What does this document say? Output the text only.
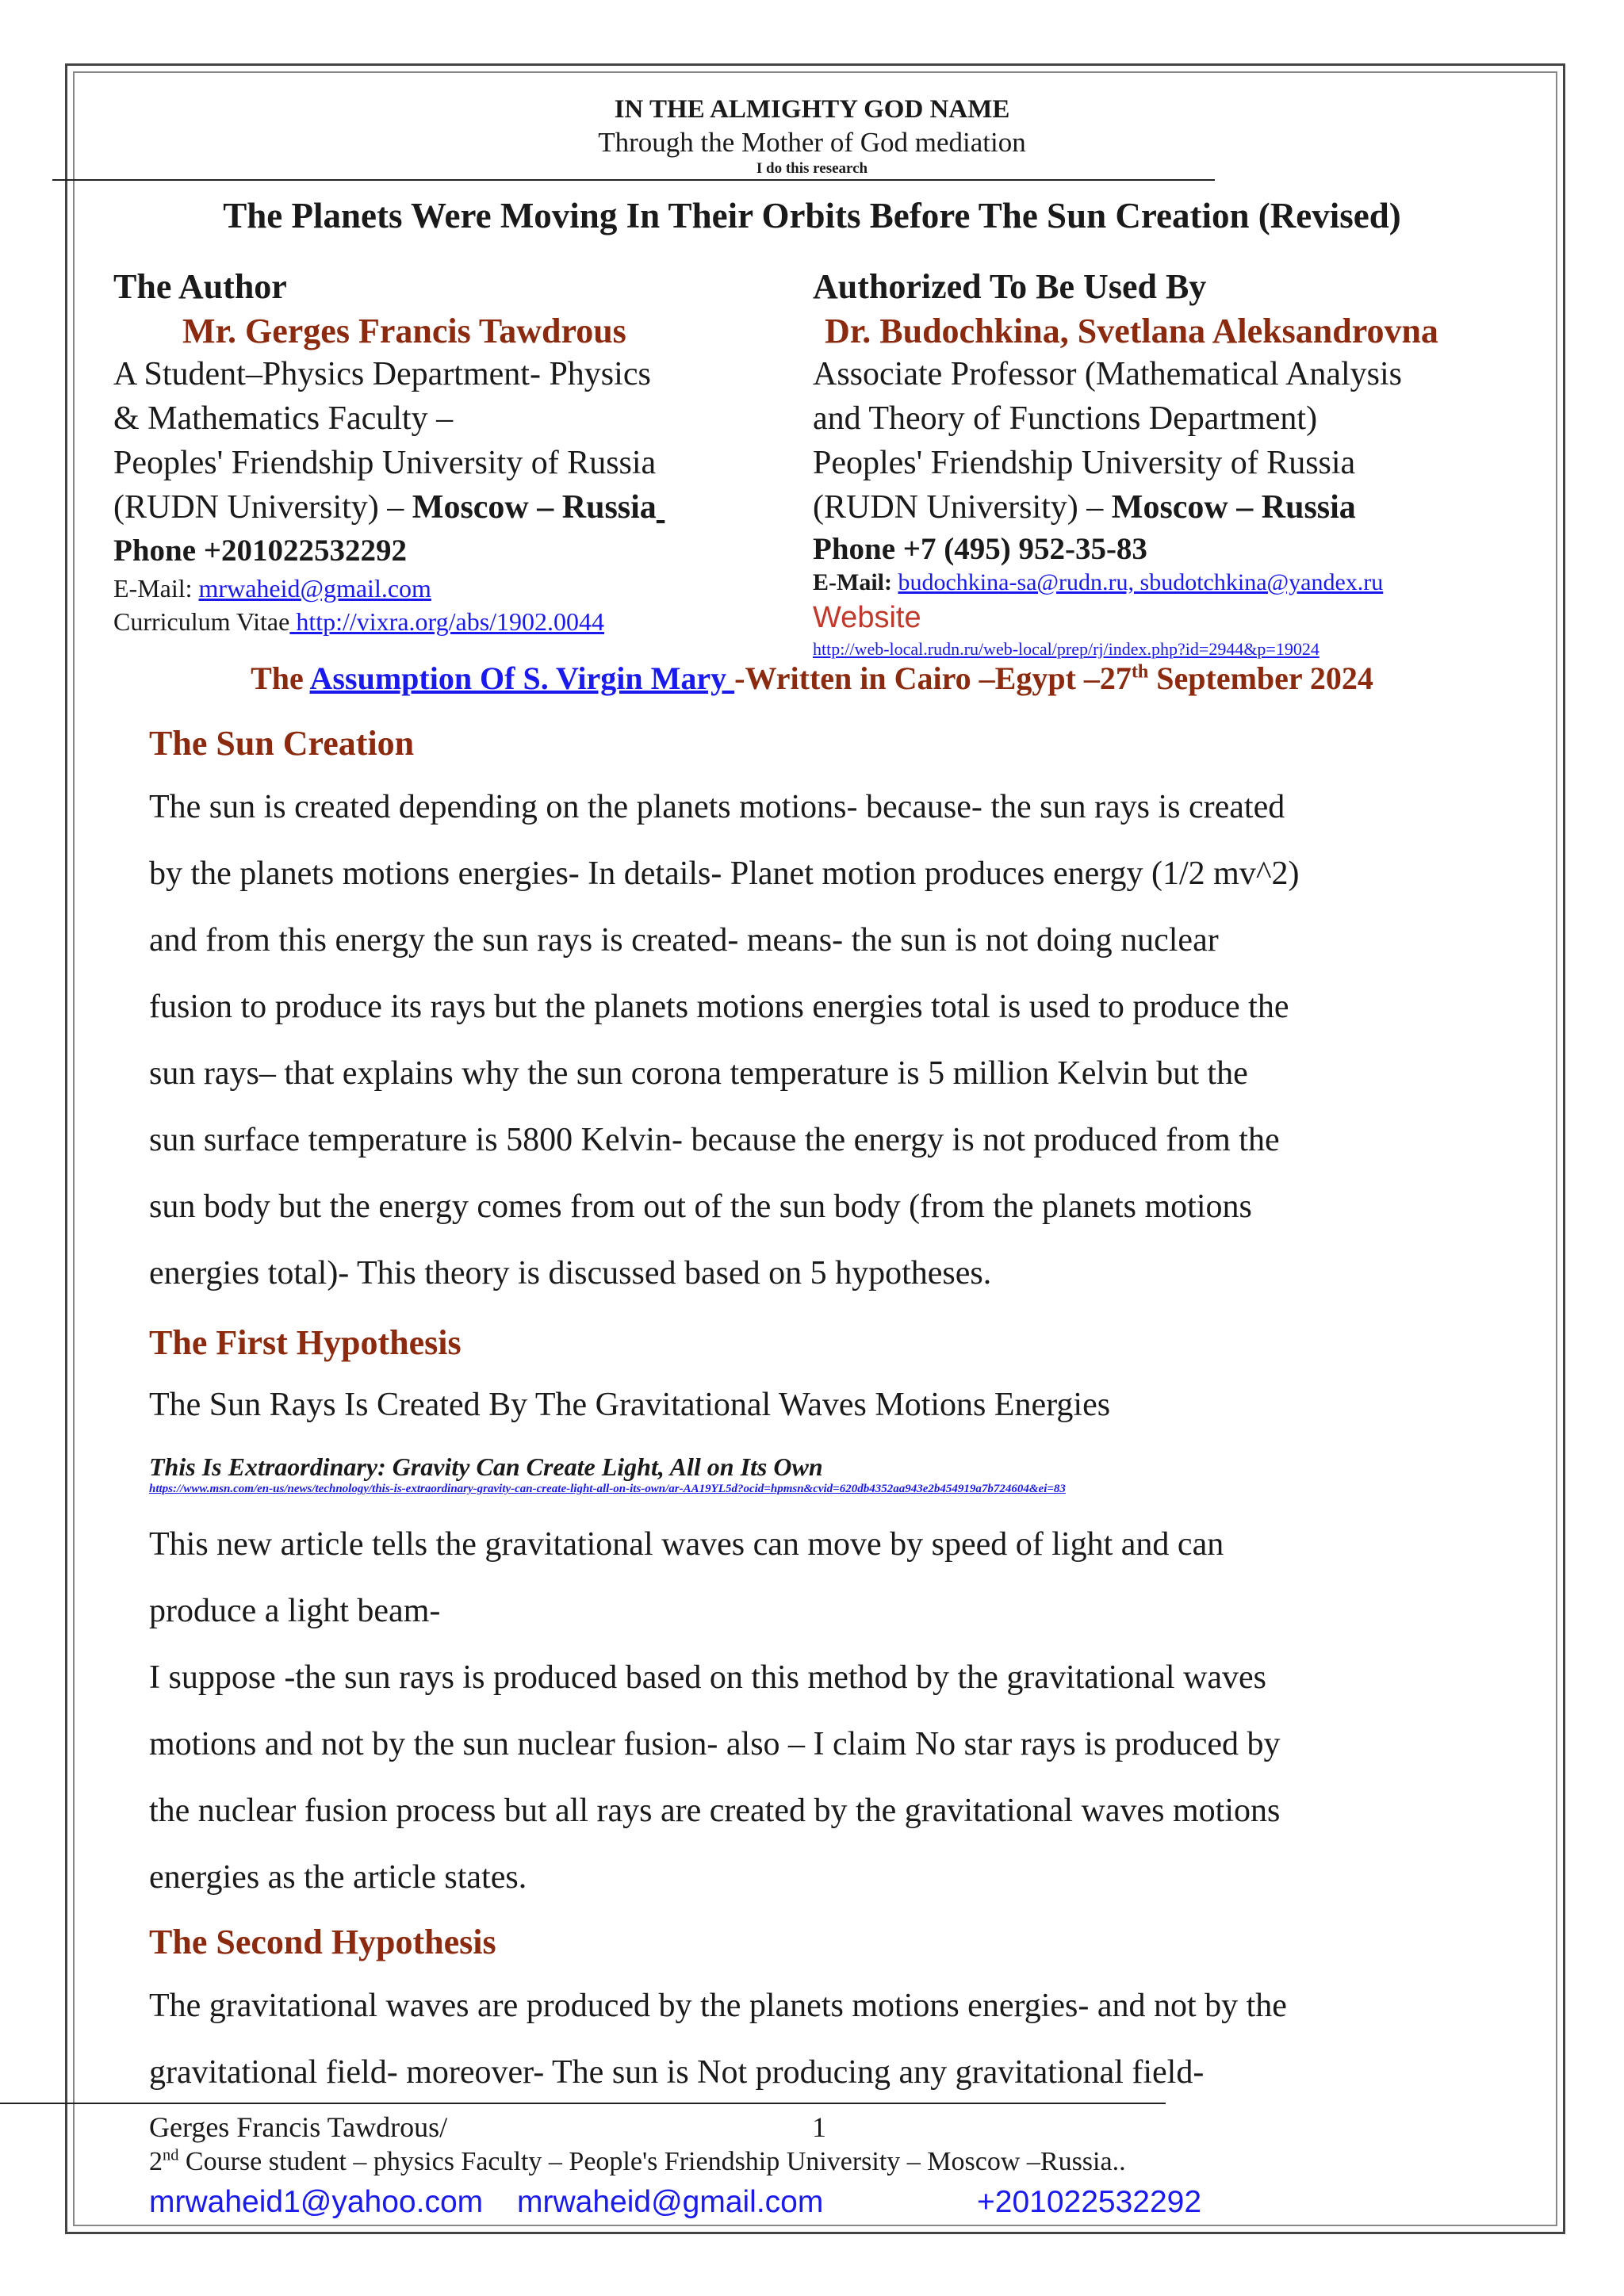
IN THE ALMIGHTY GOD NAME
Through the Mother of God mediation
I do this research
The Planets Were Moving In Their Orbits Before The Sun Creation (Revised)
The Author
Mr. Gerges Francis Tawdrous
A Student–Physics Department- Physics
& Mathematics Faculty –
Peoples' Friendship University of Russia
(RUDN University) – Moscow – Russia
Phone +201022532292
E-Mail: mrwaheid@gmail.com
Curriculum Vitae http://vixra.org/abs/1902.0044
Authorized To Be Used By
Dr. Budochkina, Svetlana Aleksandrovna
Associate Professor (Mathematical Analysis
and Theory of Functions Department)
Peoples' Friendship University of Russia
(RUDN University) – Moscow – Russia
Phone +7 (495) 952-35-83
E-Mail: budochkina-sa@rudn.ru, sbudotchkina@yandex.ru
Website
http://web-local.rudn.ru/web-local/prep/rj/index.php?id=2944&p=19024
The Assumption Of S. Virgin Mary -Written in Cairo –Egypt –27th September 2024
The Sun Creation
The sun is created depending on the planets motions- because- the sun rays is created
by the planets motions energies- In details- Planet motion produces energy (1/2 mv^2)
and from this energy the sun rays is created- means- the sun is not doing nuclear
fusion to produce its rays but the planets motions energies total is used to produce the
sun rays– that explains why the sun corona temperature is 5 million Kelvin but the
sun surface temperature is 5800 Kelvin- because the energy is not produced from the
sun body but the energy comes from out of the sun body (from the planets motions
energies total)- This theory is discussed based on 5 hypotheses.
The First Hypothesis
The Sun Rays Is Created By The Gravitational Waves Motions Energies
This Is Extraordinary: Gravity Can Create Light, All on Its Own
https://www.msn.com/en-us/news/technology/this-is-extraordinary-gravity-can-create-light-all-on-its-own/ar-AA19YL5d?ocid=hpmsn&cvid=620db4352aa943e2b454919a7b724604&ei=83
This new article tells the gravitational waves can move by speed of light and can
produce a light beam-
I suppose -the sun rays is produced based on this method by the gravitational waves
motions and not by the sun nuclear fusion- also – I claim No star rays is produced by
the nuclear fusion process but all rays are created by the gravitational waves motions
energies as the article states.
The Second Hypothesis
The gravitational waves are produced by the planets motions energies- and not by the
gravitational field- moreover- The sun is Not producing any gravitational field-
Gerges Francis Tawdrous/	1
2nd Course student – physics Faculty – People's Friendship University – Moscow –Russia..
mrwaheid1@yahoo.com mrwaheid@gmail.com	+201022532292
